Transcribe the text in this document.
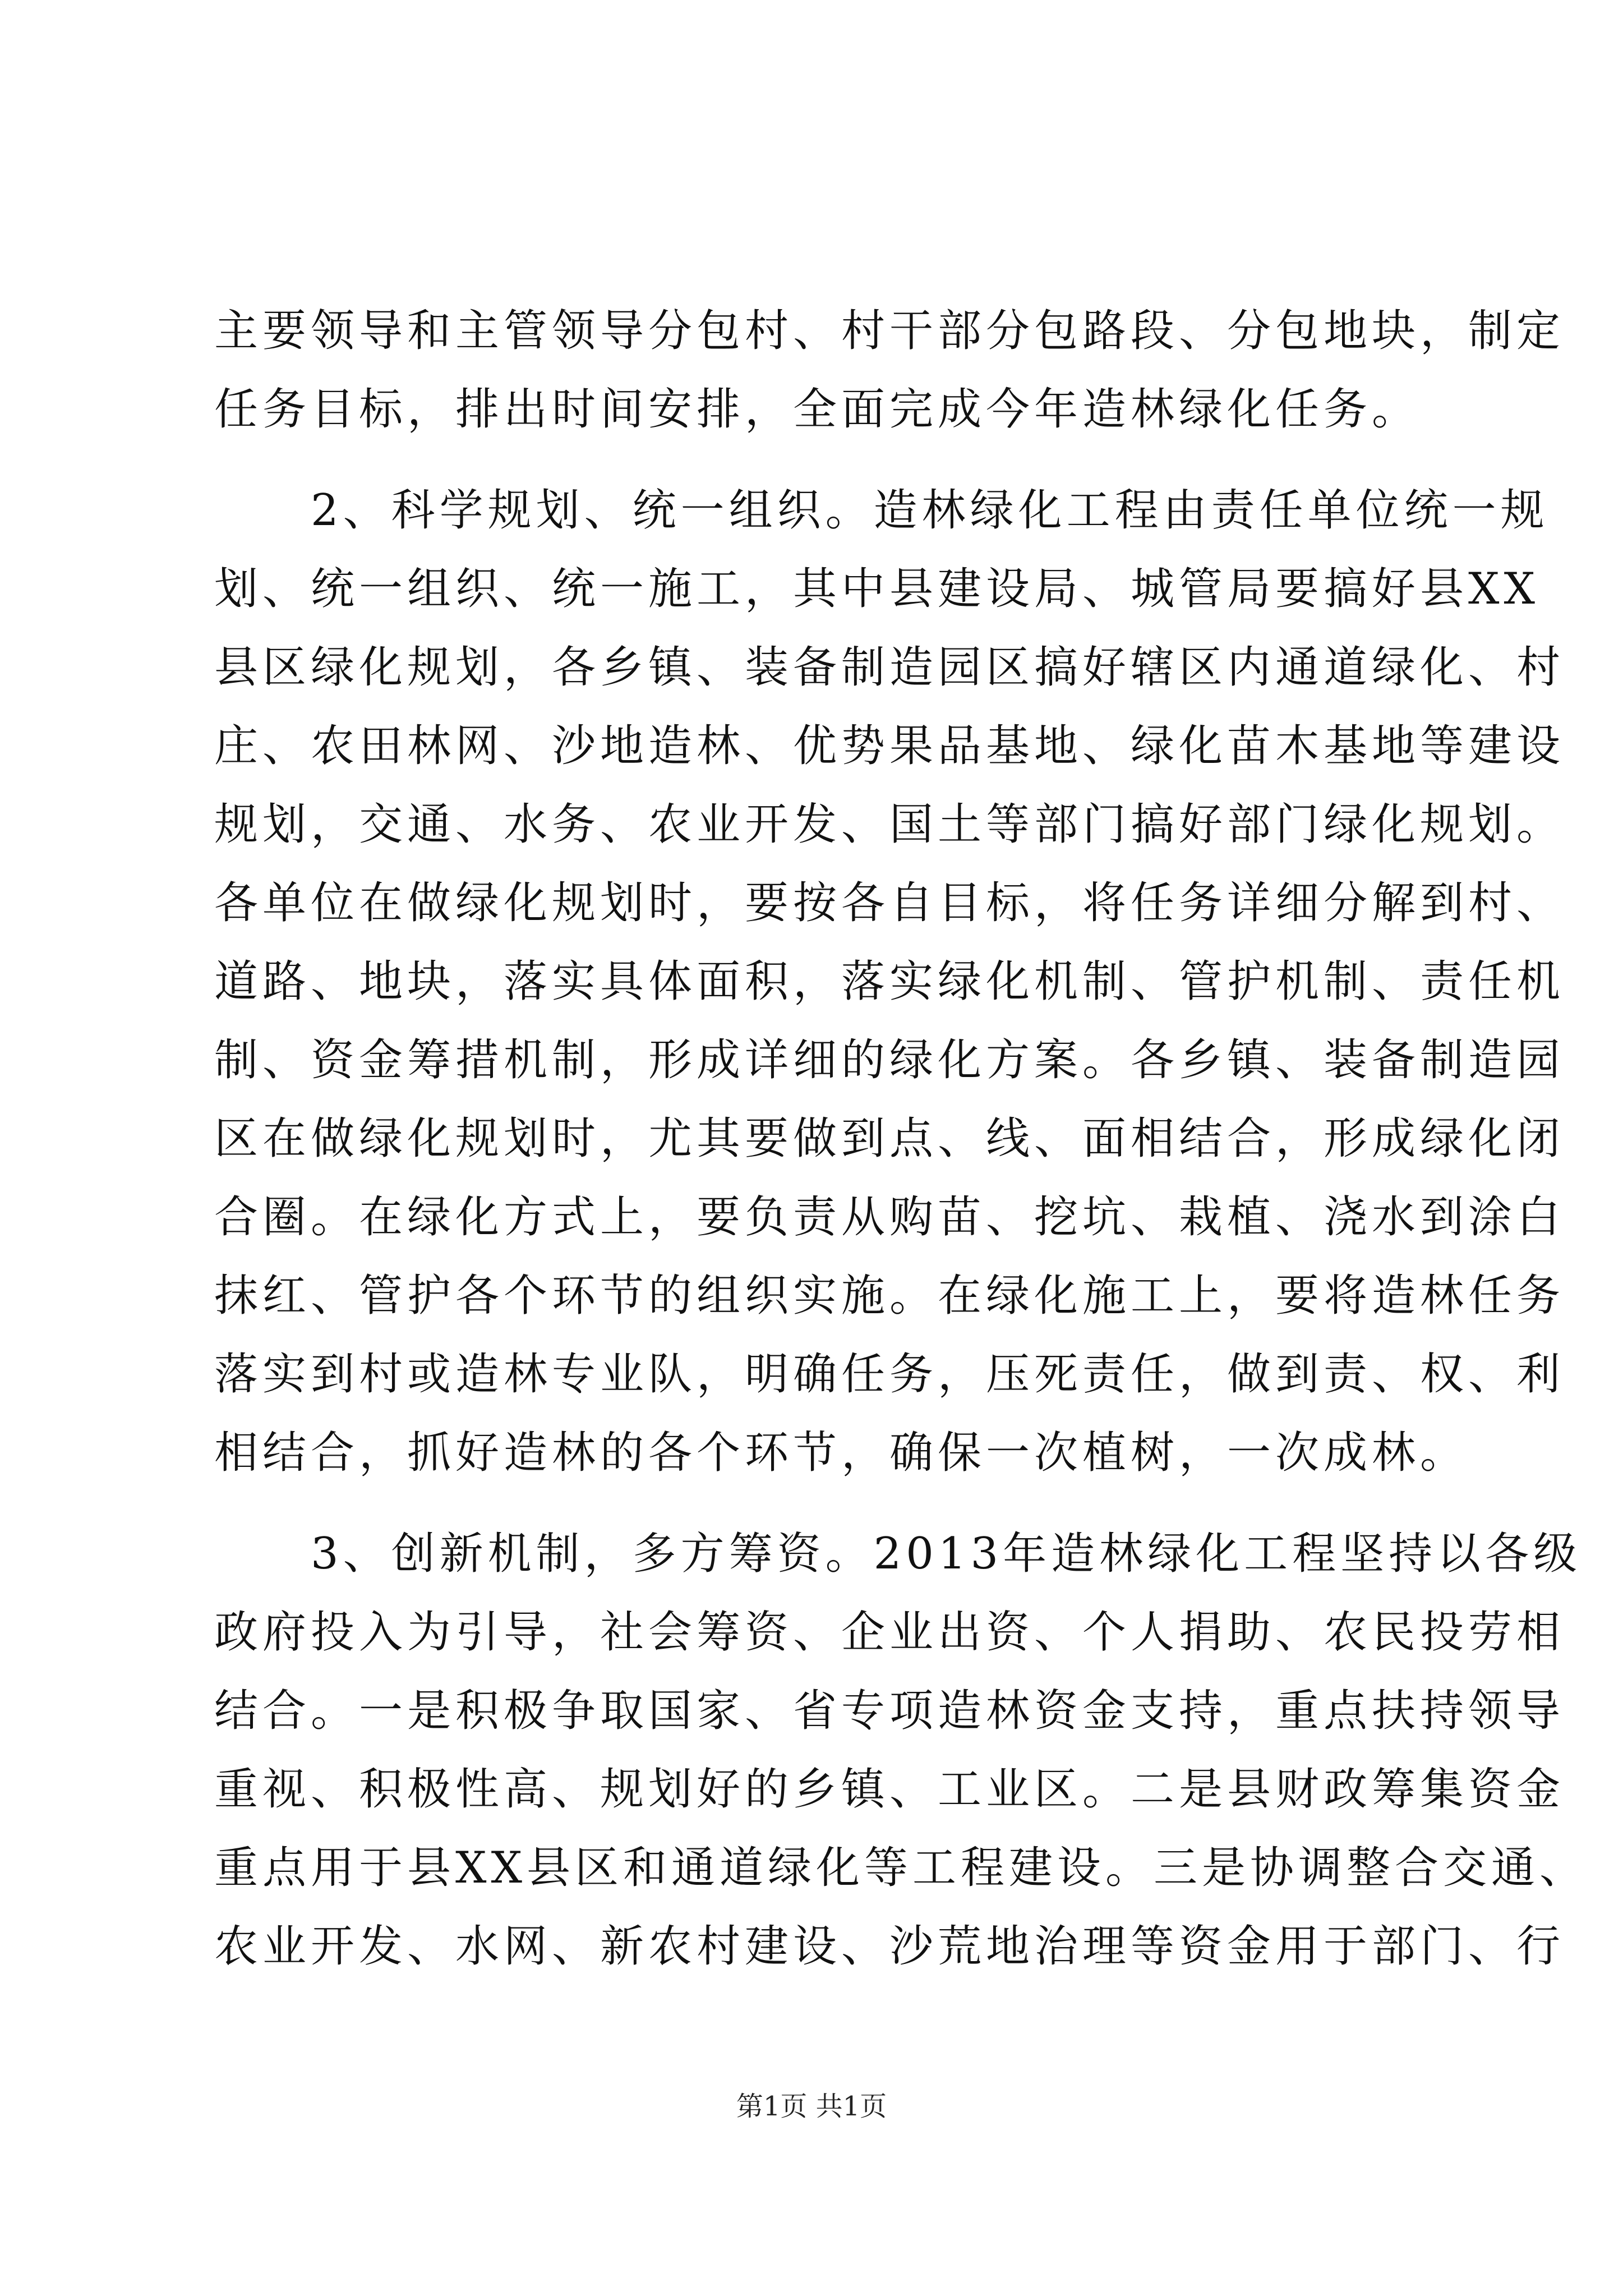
主要领导和主管领导分包村、村干部分包路段、分包地块，制定
任务目标，排出时间安排，全面完成今年造林绿化任务。
　　2、科学规划、统一组织。造林绿化工程由责任单位统一规
划、统一组织、统一施工，其中县建设局、城管局要搞好县XX
县区绿化规划，各乡镇、装备制造园区搞好辖区内通道绿化、村
庄、农田林网、沙地造林、优势果品基地、绿化苗木基地等建设
规划，交通、水务、农业开发、国土等部门搞好部门绿化规划。
各单位在做绿化规划时，要按各自目标，将任务详细分解到村、
道路、地块，落实具体面积，落实绿化机制、管护机制、责任机
制、资金筹措机制，形成详细的绿化方案。各乡镇、装备制造园
区在做绿化规划时，尤其要做到点、线、面相结合，形成绿化闭
合圈。在绿化方式上，要负责从购苗、挖坑、栽植、浇水到涂白
抹红、管护各个环节的组织实施。在绿化施工上，要将造林任务
落实到村或造林专业队，明确任务，压死责任，做到责、权、利
相结合，抓好造林的各个环节，确保一次植树，一次成林。
　　3、创新机制，多方筹资。2013年造林绿化工程坚持以各级
政府投入为引导，社会筹资、企业出资、个人捐助、农民投劳相
结合。一是积极争取国家、省专项造林资金支持，重点扶持领导
重视、积极性高、规划好的乡镇、工业区。二是县财政筹集资金
重点用于县XX县区和通道绿化等工程建设。三是协调整合交通、
农业开发、水网、新农村建设、沙荒地治理等资金用于部门、行
第1页 共1页
